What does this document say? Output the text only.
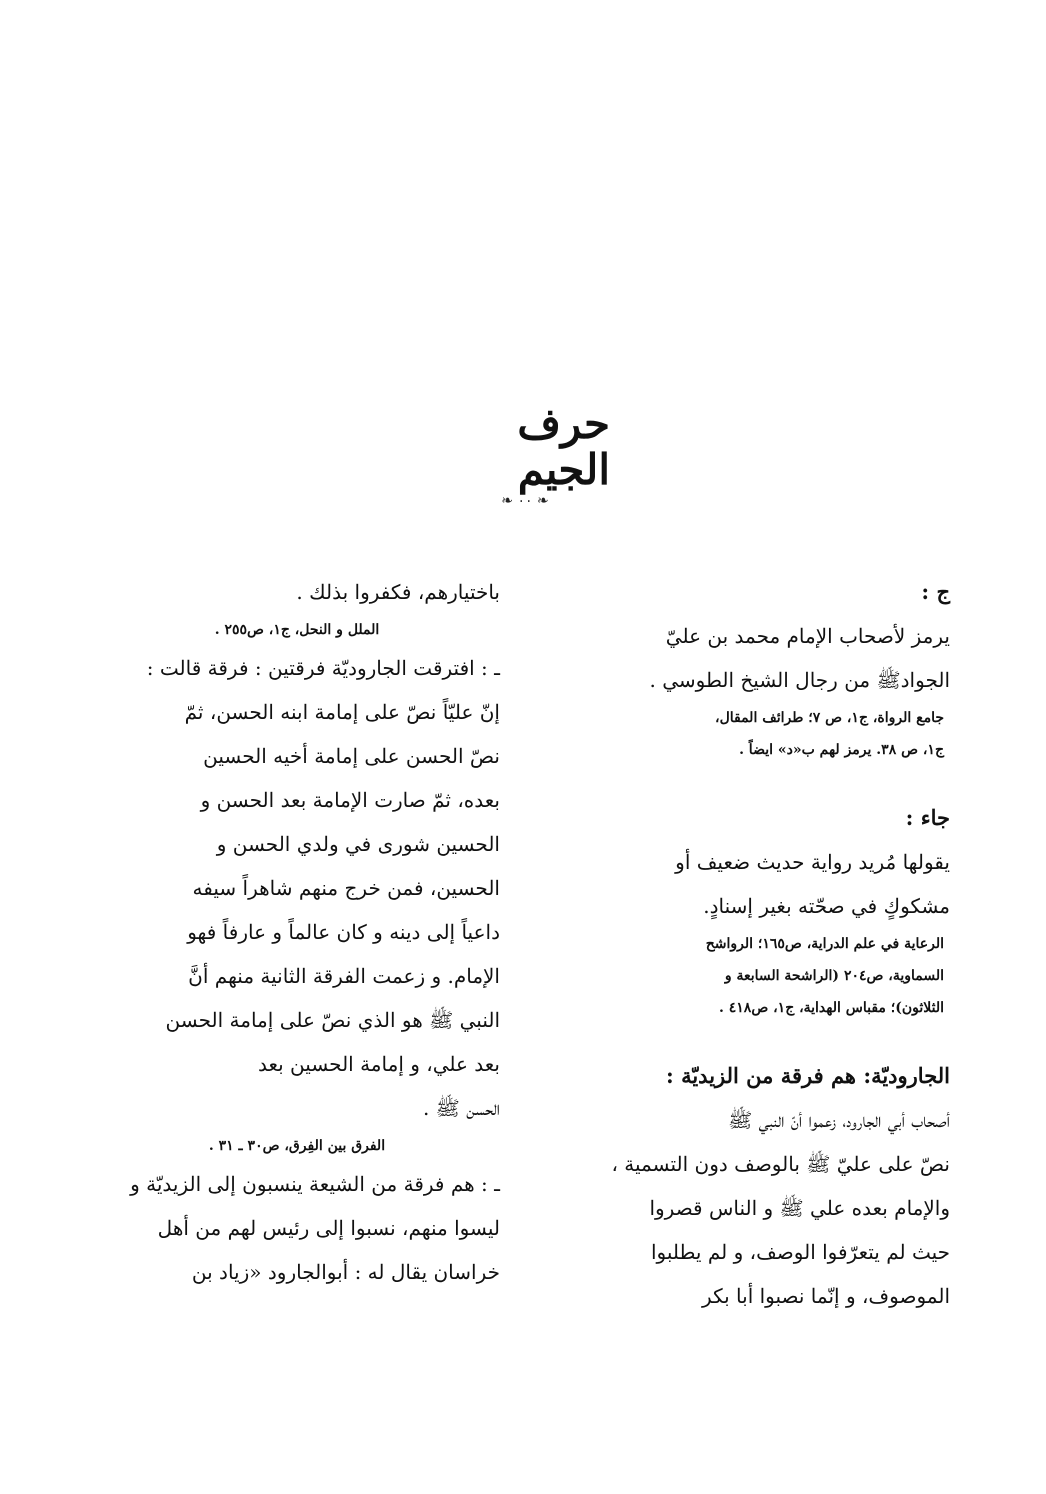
حرف الجيم
❧ ۰۰ ❧
ج :
يرمز لأصحاب الإمام محمد بن عليّ
الجوادﷺ من رجال الشيخ الطوسي .
جامع الرواة، ج١، ص ٧؛ طرائف المقال،
ج١، ص ٣٨. يرمز لهم ب«د» ايضاً .
جاء :
يقولها مُريد رواية حديث ضعيف أو
مشكوكٍ في صحّته بغير إسنادٍ.
الرعاية في علم الدراية، ص١٦٥؛ الرواشح
السماوية، ص٢٠٤ (الراشحة السابعة و
الثلاثون)؛ مقباس الهداية، ج١، ص٤١٨ .
الجاروديّة: هم فرقة من الزيديّة :
أصحاب أبي الجارود، زعموا أنّ النبي ﷺ
نصّ على عليّ ﷺ بالوصف دون التسمية ،
والإمام بعده علي ﷺ و الناس قصروا
حيث لم يتعرّفوا الوصف، و لم يطلبوا
الموصوف، و إنّما نصبوا أبا بكر
باختيارهم، فكفروا بذلك .
الملل و النحل، ج١، ص٢٥٥ .
ـ : افترقت الجاروديّة فرقتين : فرقة قالت :
إنّ عليّاً نصّ على إمامة ابنه الحسن، ثمّ
نصّ الحسن على إمامة أخيه الحسين
بعده، ثمّ صارت الإمامة بعد الحسن و
الحسين شورى في ولدي الحسن و
الحسين، فمن خرج منهم شاهراً سيفه
داعياً إلى دينه و كان عالماً و عارفاً فهو
الإمام. و زعمت الفرقة الثانية منهم أنَّ
النبي ﷺ هو الذي نصّ على إمامة الحسن
بعد علي، و إمامة الحسين بعد
الحسن ﷺ .
الفرق بين الفِرق، ص٣٠ ـ ٣١ .
ـ : هم فرقة من الشيعة ينسبون إلى الزيديّة و
ليسوا منهم، نسبوا إلى رئيس لهم من أهل
خراسان يقال له : أبوالجارود «زياد بن
